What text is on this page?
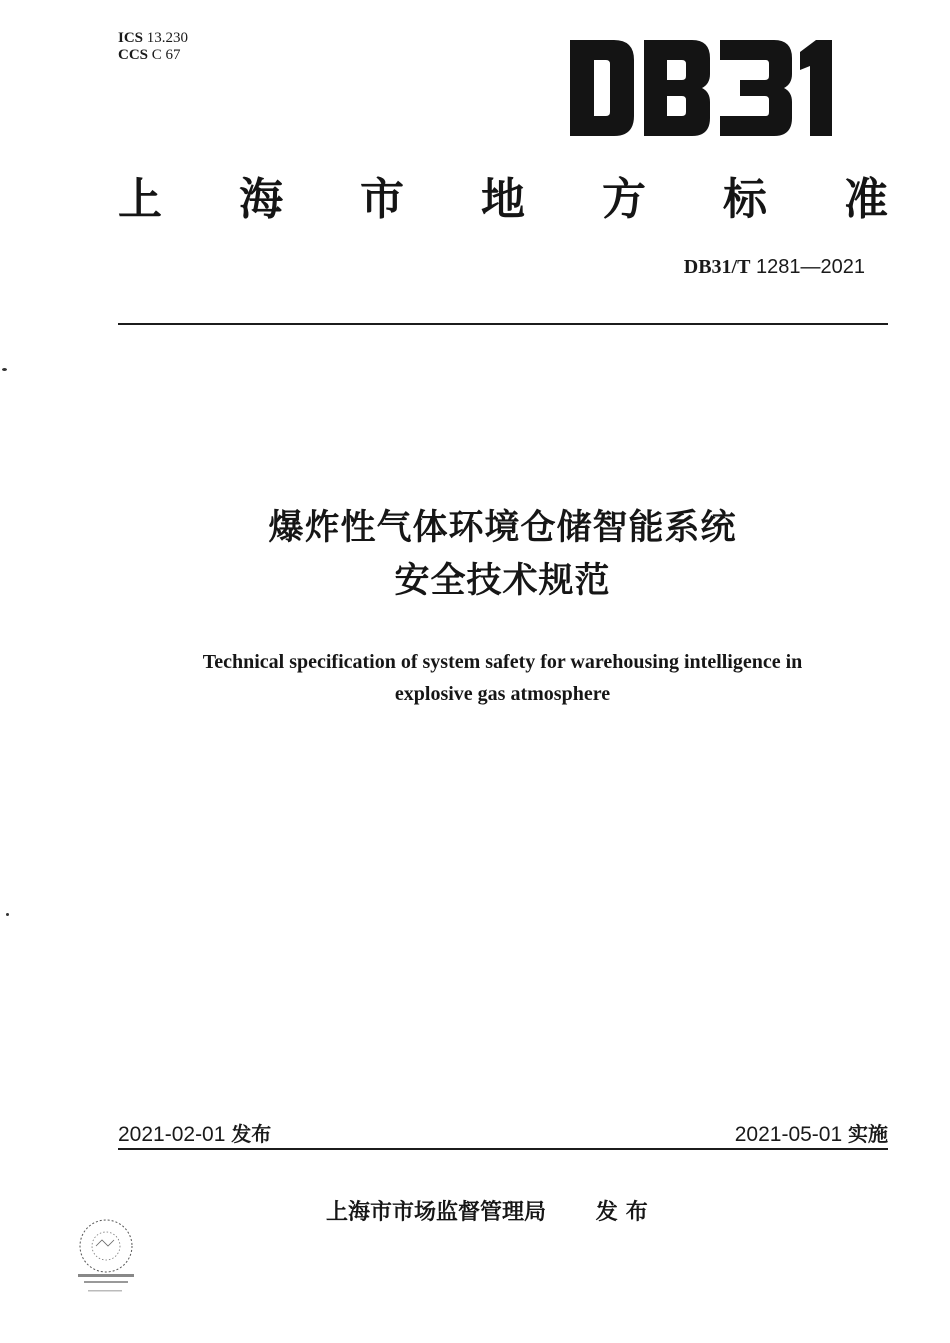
ICS 13.230
CCS C 67
上 海 市 地 方 标 准
DB31/T 1281—2021
爆炸性气体环境仓储智能系统
安全技术规范
Technical specification of system safety for warehousing intelligence in
explosive gas atmosphere
2021-02-01 发布	2021-05-01 实施
上海市市场监督管理局 发布
